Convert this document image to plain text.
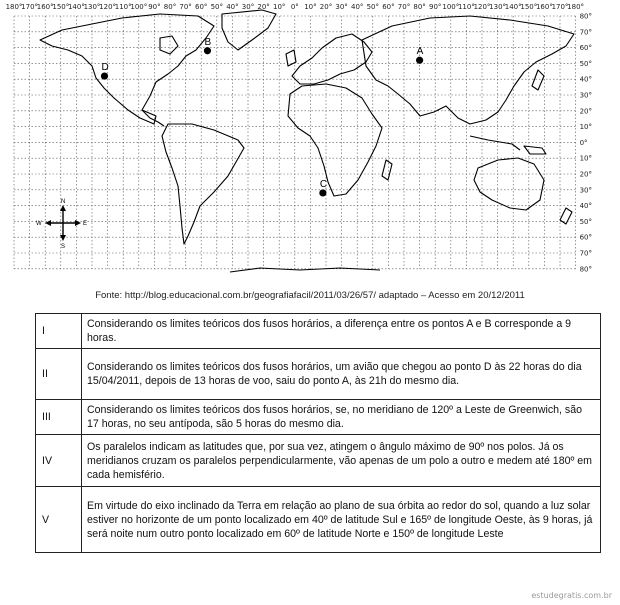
180°
170°
160°
150°
140°
130°
120°
110°
100° 90° 80° 70° 60° 50° 40° 30° 20° 10° 0° 10° 20° 30° 40° 50° 60° 70° 80° 90° 100°
110°
120°
130°
140°
150°
160°
170°
180°
80°
70°
60°
50°
40°
30°
20°
10°
0°
10°
20°
30°
40°
50°
60°
70°
80°
A
B
C
D
N
S
E
W
Fonte: http://blog.educacional.com.br/geografiafacil/2011/03/26/57/ adaptado – Acesso em 20/12/2011
I	Considerando os limites teóricos dos fusos horários, a diferença entre os pontos A e B corresponde a 9 horas.
II	Considerando os limites teóricos dos fusos horários, um avião que chegou ao ponto D às 22 horas do dia 15/04/2011, depois de 13 horas de voo, saiu do ponto A, às 21h do mesmo dia.
III	Considerando os limites teóricos dos fusos horários, se, no meridiano de 120º a Leste de Greenwich, são 17 horas, no seu antípoda, são 5 horas do mesmo dia.
IV	Os paralelos indicam as latitudes que, por sua vez, atingem o ângulo máximo de 90º nos polos. Já os meridianos cruzam os paralelos perpendicularmente, vão apenas de um polo a outro e medem até 180º em cada hemisfério.
V	Em virtude do eixo inclinado da Terra em relação ao plano de sua órbita ao redor do sol, quando a luz solar estiver no horizonte de um ponto localizado em 40º de latitude Sul e 165º de longitude Oeste, às 9 horas, já será noite num outro ponto localizado em 60º de latitude Norte e 150º de longitude Leste
estudegratis.com.br
